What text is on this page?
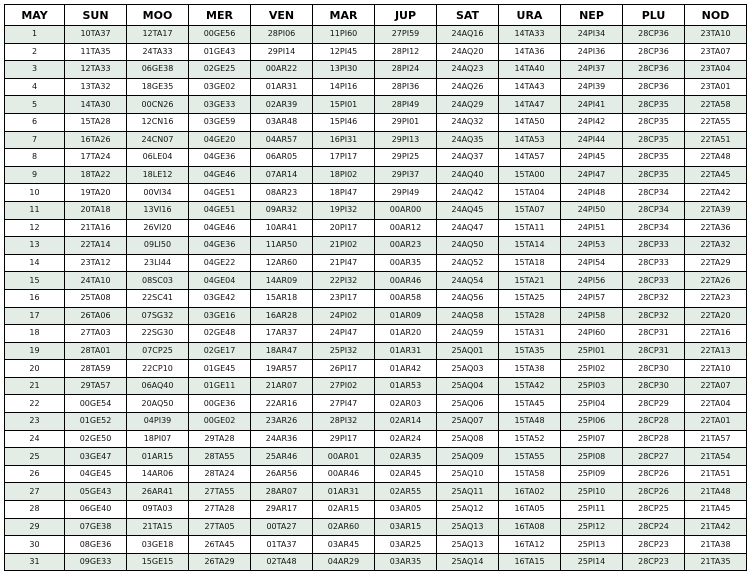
MAY	SUN	MOO	MER	VEN	MAR	JUP	SAT	URA	NEP	PLU	NOD
1	10TA37	12TA17	00GE56	28PI06	11PI60	27PI59	24AQ16	14TA33	24PI34	28CP36	23TA10
2	11TA35	24TA33	01GE43	29PI14	12PI45	28PI12	24AQ20	14TA36	24PI36	28CP36	23TA07
3	12TA33	06GE38	02GE25	00AR22	13PI30	28PI24	24AQ23	14TA40	24PI37	28CP36	23TA04
4	13TA32	18GE35	03GE02	01AR31	14PI16	28PI36	24AQ26	14TA43	24PI39	28CP36	23TA01
5	14TA30	00CN26	03GE33	02AR39	15PI01	28PI49	24AQ29	14TA47	24PI41	28CP35	22TA58
6	15TA28	12CN16	03GE59	03AR48	15PI46	29PI01	24AQ32	14TA50	24PI42	28CP35	22TA55
7	16TA26	24CN07	04GE20	04AR57	16PI31	29PI13	24AQ35	14TA53	24PI44	28CP35	22TA51
8	17TA24	06LE04	04GE36	06AR05	17PI17	29PI25	24AQ37	14TA57	24PI45	28CP35	22TA48
9	18TA22	18LE12	04GE46	07AR14	18PI02	29PI37	24AQ40	15TA00	24PI47	28CP35	22TA45
10	19TA20	00VI34	04GE51	08AR23	18PI47	29PI49	24AQ42	15TA04	24PI48	28CP34	22TA42
11	20TA18	13VI16	04GE51	09AR32	19PI32	00AR00	24AQ45	15TA07	24PI50	28CP34	22TA39
12	21TA16	26VI20	04GE46	10AR41	20PI17	00AR12	24AQ47	15TA11	24PI51	28CP34	22TA36
13	22TA14	09LI50	04GE36	11AR50	21PI02	00AR23	24AQ50	15TA14	24PI53	28CP33	22TA32
14	23TA12	23LI44	04GE22	12AR60	21PI47	00AR35	24AQ52	15TA18	24PI54	28CP33	22TA29
15	24TA10	08SC03	04GE04	14AR09	22PI32	00AR46	24AQ54	15TA21	24PI56	28CP33	22TA26
16	25TA08	22SC41	03GE42	15AR18	23PI17	00AR58	24AQ56	15TA25	24PI57	28CP32	22TA23
17	26TA06	07SG32	03GE16	16AR28	24PI02	01AR09	24AQ58	15TA28	24PI58	28CP32	22TA20
18	27TA03	22SG30	02GE48	17AR37	24PI47	01AR20	24AQ59	15TA31	24PI60	28CP31	22TA16
19	28TA01	07CP25	02GE17	18AR47	25PI32	01AR31	25AQ01	15TA35	25PI01	28CP31	22TA13
20	28TA59	22CP10	01GE45	19AR57	26PI17	01AR42	25AQ03	15TA38	25PI02	28CP30	22TA10
21	29TA57	06AQ40	01GE11	21AR07	27PI02	01AR53	25AQ04	15TA42	25PI03	28CP30	22TA07
22	00GE54	20AQ50	00GE36	22AR16	27PI47	02AR03	25AQ06	15TA45	25PI04	28CP29	22TA04
23	01GE52	04PI39	00GE02	23AR26	28PI32	02AR14	25AQ07	15TA48	25PI06	28CP28	22TA01
24	02GE50	18PI07	29TA28	24AR36	29PI17	02AR24	25AQ08	15TA52	25PI07	28CP28	21TA57
25	03GE47	01AR15	28TA55	25AR46	00AR01	02AR35	25AQ09	15TA55	25PI08	28CP27	21TA54
26	04GE45	14AR06	28TA24	26AR56	00AR46	02AR45	25AQ10	15TA58	25PI09	28CP26	21TA51
27	05GE43	26AR41	27TA55	28AR07	01AR31	02AR55	25AQ11	16TA02	25PI10	28CP26	21TA48
28	06GE40	09TA03	27TA28	29AR17	02AR15	03AR05	25AQ12	16TA05	25PI11	28CP25	21TA45
29	07GE38	21TA15	27TA05	00TA27	02AR60	03AR15	25AQ13	16TA08	25PI12	28CP24	21TA42
30	08GE36	03GE18	26TA45	01TA37	03AR45	03AR25	25AQ13	16TA12	25PI13	28CP23	21TA38
31	09GE33	15GE15	26TA29	02TA48	04AR29	03AR35	25AQ14	16TA15	25PI14	28CP23	21TA35
